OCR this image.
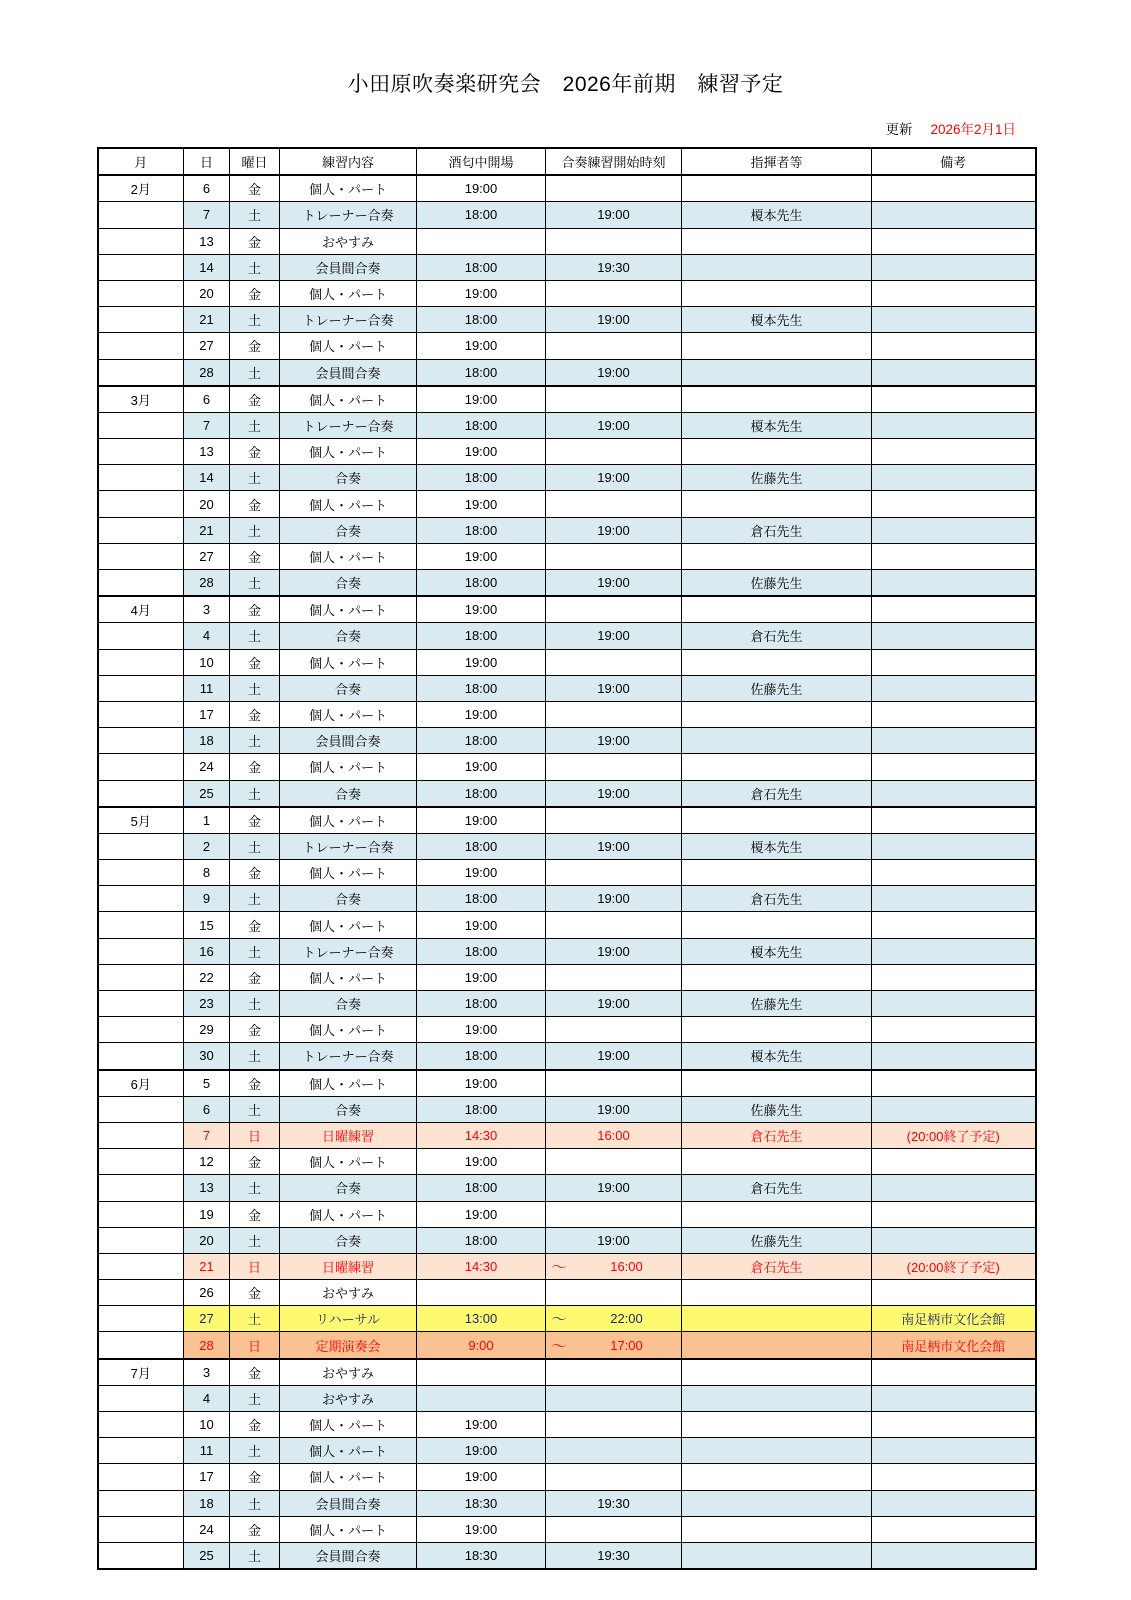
小田原吹奏楽研究会　2026年前期　練習予定
更新 2026年2月1日
月	日	曜日	練習内容	酒匂中開場	合奏練習開始時刻	指揮者等	備考
2月	6	金	個人・パート	19:00			
	7	土	トレーナー合奏	18:00	19:00	榎本先生	
	13	金	おやすみ				
	14	土	会員間合奏	18:00	19:30		
	20	金	個人・パート	19:00			
	21	土	トレーナー合奏	18:00	19:00	榎本先生	
	27	金	個人・パート	19:00			
	28	土	会員間合奏	18:00	19:00		
3月	6	金	個人・パート	19:00			
	7	土	トレーナー合奏	18:00	19:00	榎本先生	
	13	金	個人・パート	19:00			
	14	土	合奏	18:00	19:00	佐藤先生	
	20	金	個人・パート	19:00			
	21	土	合奏	18:00	19:00	倉石先生	
	27	金	個人・パート	19:00			
	28	土	合奏	18:00	19:00	佐藤先生	
4月	3	金	個人・パート	19:00			
	4	土	合奏	18:00	19:00	倉石先生	
	10	金	個人・パート	19:00			
	11	土	合奏	18:00	19:00	佐藤先生	
	17	金	個人・パート	19:00			
	18	土	会員間合奏	18:00	19:00		
	24	金	個人・パート	19:00			
	25	土	合奏	18:00	19:00	倉石先生	
5月	1	金	個人・パート	19:00			
	2	土	トレーナー合奏	18:00	19:00	榎本先生	
	8	金	個人・パート	19:00			
	9	土	合奏	18:00	19:00	倉石先生	
	15	金	個人・パート	19:00			
	16	土	トレーナー合奏	18:00	19:00	榎本先生	
	22	金	個人・パート	19:00			
	23	土	合奏	18:00	19:00	佐藤先生	
	29	金	個人・パート	19:00			
	30	土	トレーナー合奏	18:00	19:00	榎本先生	
6月	5	金	個人・パート	19:00			
	6	土	合奏	18:00	19:00	佐藤先生	
	7	日	日曜練習	14:30	16:00	倉石先生	(20:00終了予定)
	12	金	個人・パート	19:00			
	13	土	合奏	18:00	19:00	倉石先生	
	19	金	個人・パート	19:00			
	20	土	合奏	18:00	19:00	佐藤先生	
	21	日	日曜練習	14:30	〜 16:00	倉石先生	(20:00終了予定)
	26	金	おやすみ				
	27	土	リハーサル	13:00	〜 22:00		南足柄市文化会館
	28	日	定期演奏会	9:00	〜 17:00		南足柄市文化会館
7月	3	金	おやすみ				
	4	土	おやすみ				
	10	金	個人・パート	19:00			
	11	土	個人・パート	19:00			
	17	金	個人・パート	19:00			
	18	土	会員間合奏	18:30	19:30		
	24	金	個人・パート	19:00			
	25	土	会員間合奏	18:30	19:30		
